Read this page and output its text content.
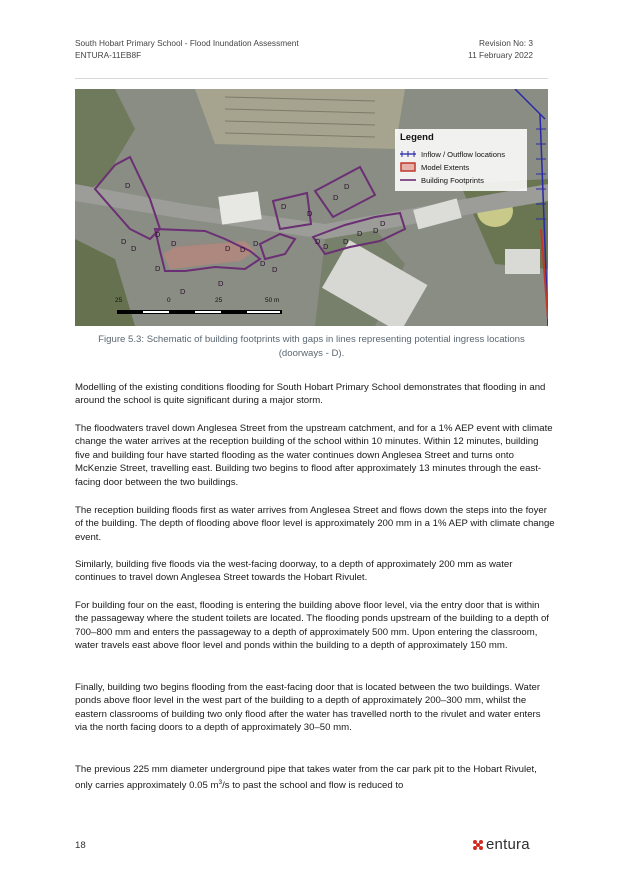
South Hobart Primary School - Flood Inundation Assessment
ENTURA-11EB8F
Revision No: 3
11 February 2022
D
D
D
D
D
D
D
D
D
D
D
D
D
D
D
D
D
D
D
D
D D
D
Legend
Inflow / Outflow locations
Model Extents
Building Footprints
25	0	25	50 m
Figure 5.3: Schematic of building footprints with gaps in lines representing potential ingress locations (doorways - D).

Modelling of the existing conditions flooding for South Hobart Primary School demonstrates that flooding in and around the school is quite significant during a major storm.

The floodwaters travel down Anglesea Street from the upstream catchment, and for a 1% AEP event with climate change the water arrives at the reception building of the school within 10 minutes. Within 12 minutes, building five and building four have started flooding as the water continues down Anglesea Street and turns onto McKenzie Street, travelling east. Building two begins to flood after approximately 13 minutes through the east-facing door between the two buildings.

The reception building floods first as water arrives from Anglesea Street and flows down the steps into the foyer of the building. The depth of flooding above floor level is approximately 200 mm in a 1% AEP with climate change event.

Similarly, building five floods via the west-facing doorway, to a depth of approximately 200 mm as water continues to travel down Anglesea Street towards the Hobart Rivulet.

For building four on the east, flooding is entering the building above floor level, via the entry door that is within the passageway where the student toilets are located. The flooding ponds upstream of the building to a depth of 700–800 mm and enters the passageway to a depth of approximately 500 mm. Upon entering the classroom, water travels east above floor level and ponds within the building to a depth of approximately 150 mm.

Finally, building two begins flooding from the east-facing door that is located between the two buildings. Water ponds above floor level in the west part of the building to a depth of approximately 200–300 mm, whilst the eastern classrooms of building two only flood after the water has travelled north to the rivulet and water enters via the north facing doors to a depth of approximately 30–50 mm.

The previous 225 mm diameter underground pipe that takes water from the car park pit to the Hobart Rivulet, only carries approximately 0.05 $m^3/s$ to past the school and flow is reduced to

18	entura
